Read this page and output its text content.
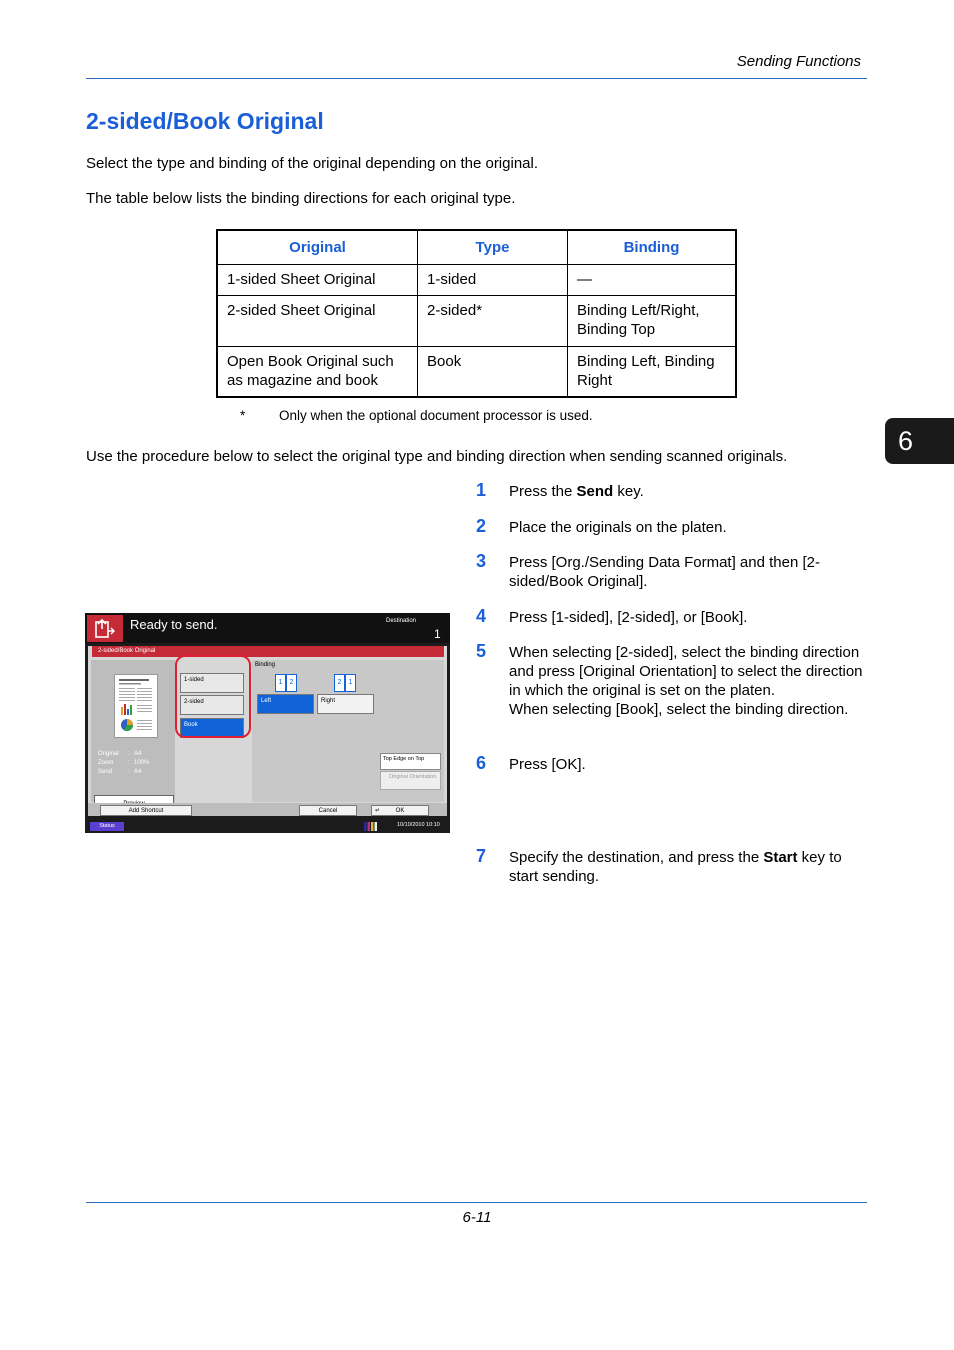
Sending Functions
2-sided/Book Original
Select the type and binding of the original depending on the original.
The table below lists the binding directions for each original type.
Original	Type	Binding
1-sided Sheet Original	1-sided	—
2-sided Sheet Original	2-sided*	Binding Left/Right, Binding Top
Open Book Original such as magazine and book	Book	Binding Left, Binding Right
* Only when the optional document processor is used.
Use the procedure below to select the original type and binding direction when sending scanned originals.
6
1	Press the Send key.
2	Place the originals on the platen.
3	Press [Org./Sending Data Format] and then [2-sided/Book Original].
4	Press [1-sided], [2-sided], or [Book].
5	When selecting [2-sided], select the binding direction and press [Original Orientation] to select the direction in which the original is set on the platen.
When selecting [Book], select the binding direction.
6	Press [OK].
7	Specify the destination, and press the Start key to start sending.
Ready to send.	Destination
1
2-sided/Book Original
Original : A4
Zoom : 100%
Send	: A4
1-sided
2-sided
Book
Binding
1	2	2	1
Left	Right
Top Edge on Top
Original Orientation
Add Shortcut	Cancel	↵	OK
Status	10/10/2010 10:10
6-11
